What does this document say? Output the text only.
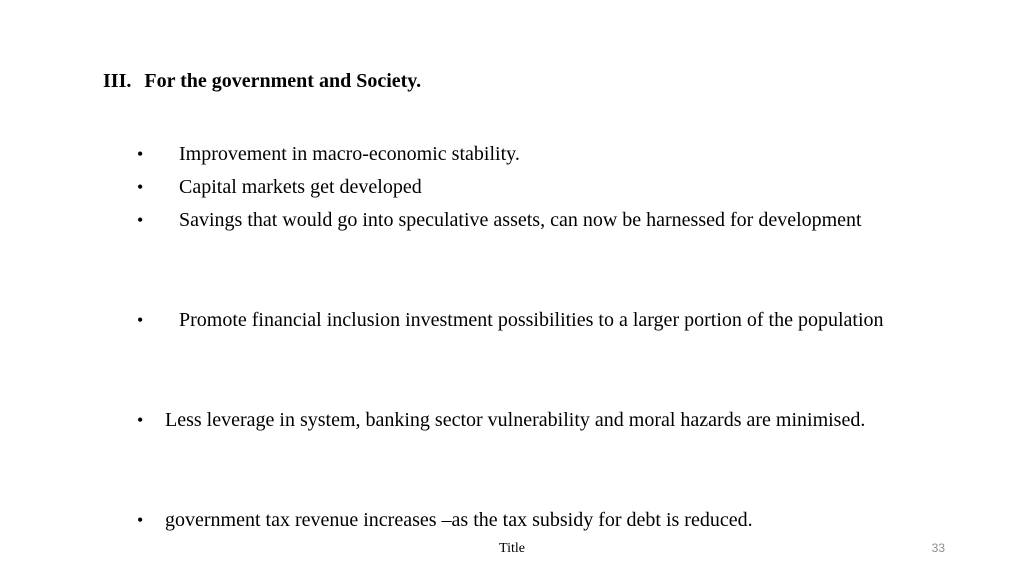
III. For the government and Society.
• Improvement in macro-economic stability.
• Capital markets get developed
• Savings that would go into speculative assets, can now be harnessed for development
• Promote financial inclusion investment possibilities to a larger portion of the population
• Less leverage in system, banking sector vulnerability and moral hazards are minimised.
• government tax revenue increases –as the tax subsidy for debt is reduced.
Title	33
